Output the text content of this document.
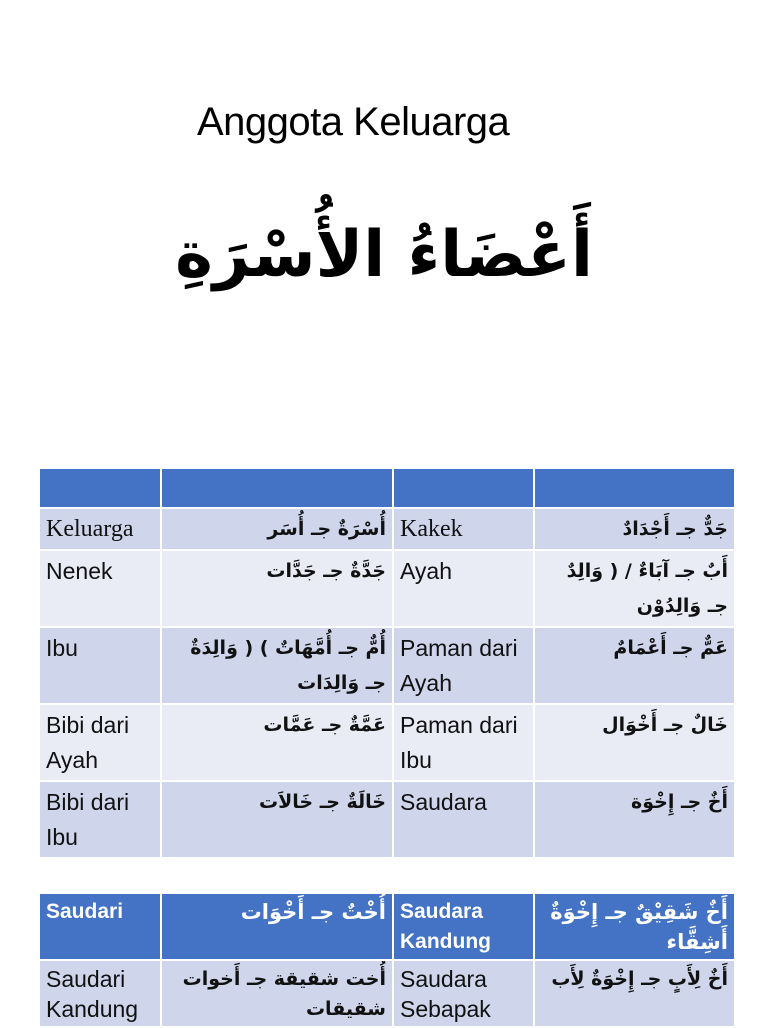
Anggota Keluarga
أَعْضَاءُ الأُسْرَةِ

Keluarga	أُسْرَةٌ جـ أُسَر	Kakek	جَدٌّ جـ أَجْدَادٌ
Nenek	جَدَّةٌ جـ جَدَّات	Ayah	أَبٌ جـ آبَاءٌ / ( وَالِدٌ جـ وَالِدُوْن
Ibu	أُمٌّ جـ أُمَّهَاتٌ ) ( وَالِدَةٌ جـ وَالِدَات	Paman dari Ayah	عَمٌّ جـ أَعْمَامٌ
Bibi dari Ayah	عَمَّةٌ جـ عَمَّات	Paman dari Ibu	خَالٌ جـ أَخْوَال
Bibi dari Ibu	خَالَةٌ جـ خَالاَت	Saudara	أَخٌ جـ إِخْوَة
Saudari	أُخْتٌ جـ أَخْوَات	Saudara Kandung	أَخٌ شَقِيْقٌ جـ إِخْوَةٌ أَشِقَّاء
Saudari Kandung	أُخت شقيقة جـ أَخوات شقيقات	Saudara Sebapak	أَخٌ لِأَبٍ جـ إِخْوَةٌ لِأَب
